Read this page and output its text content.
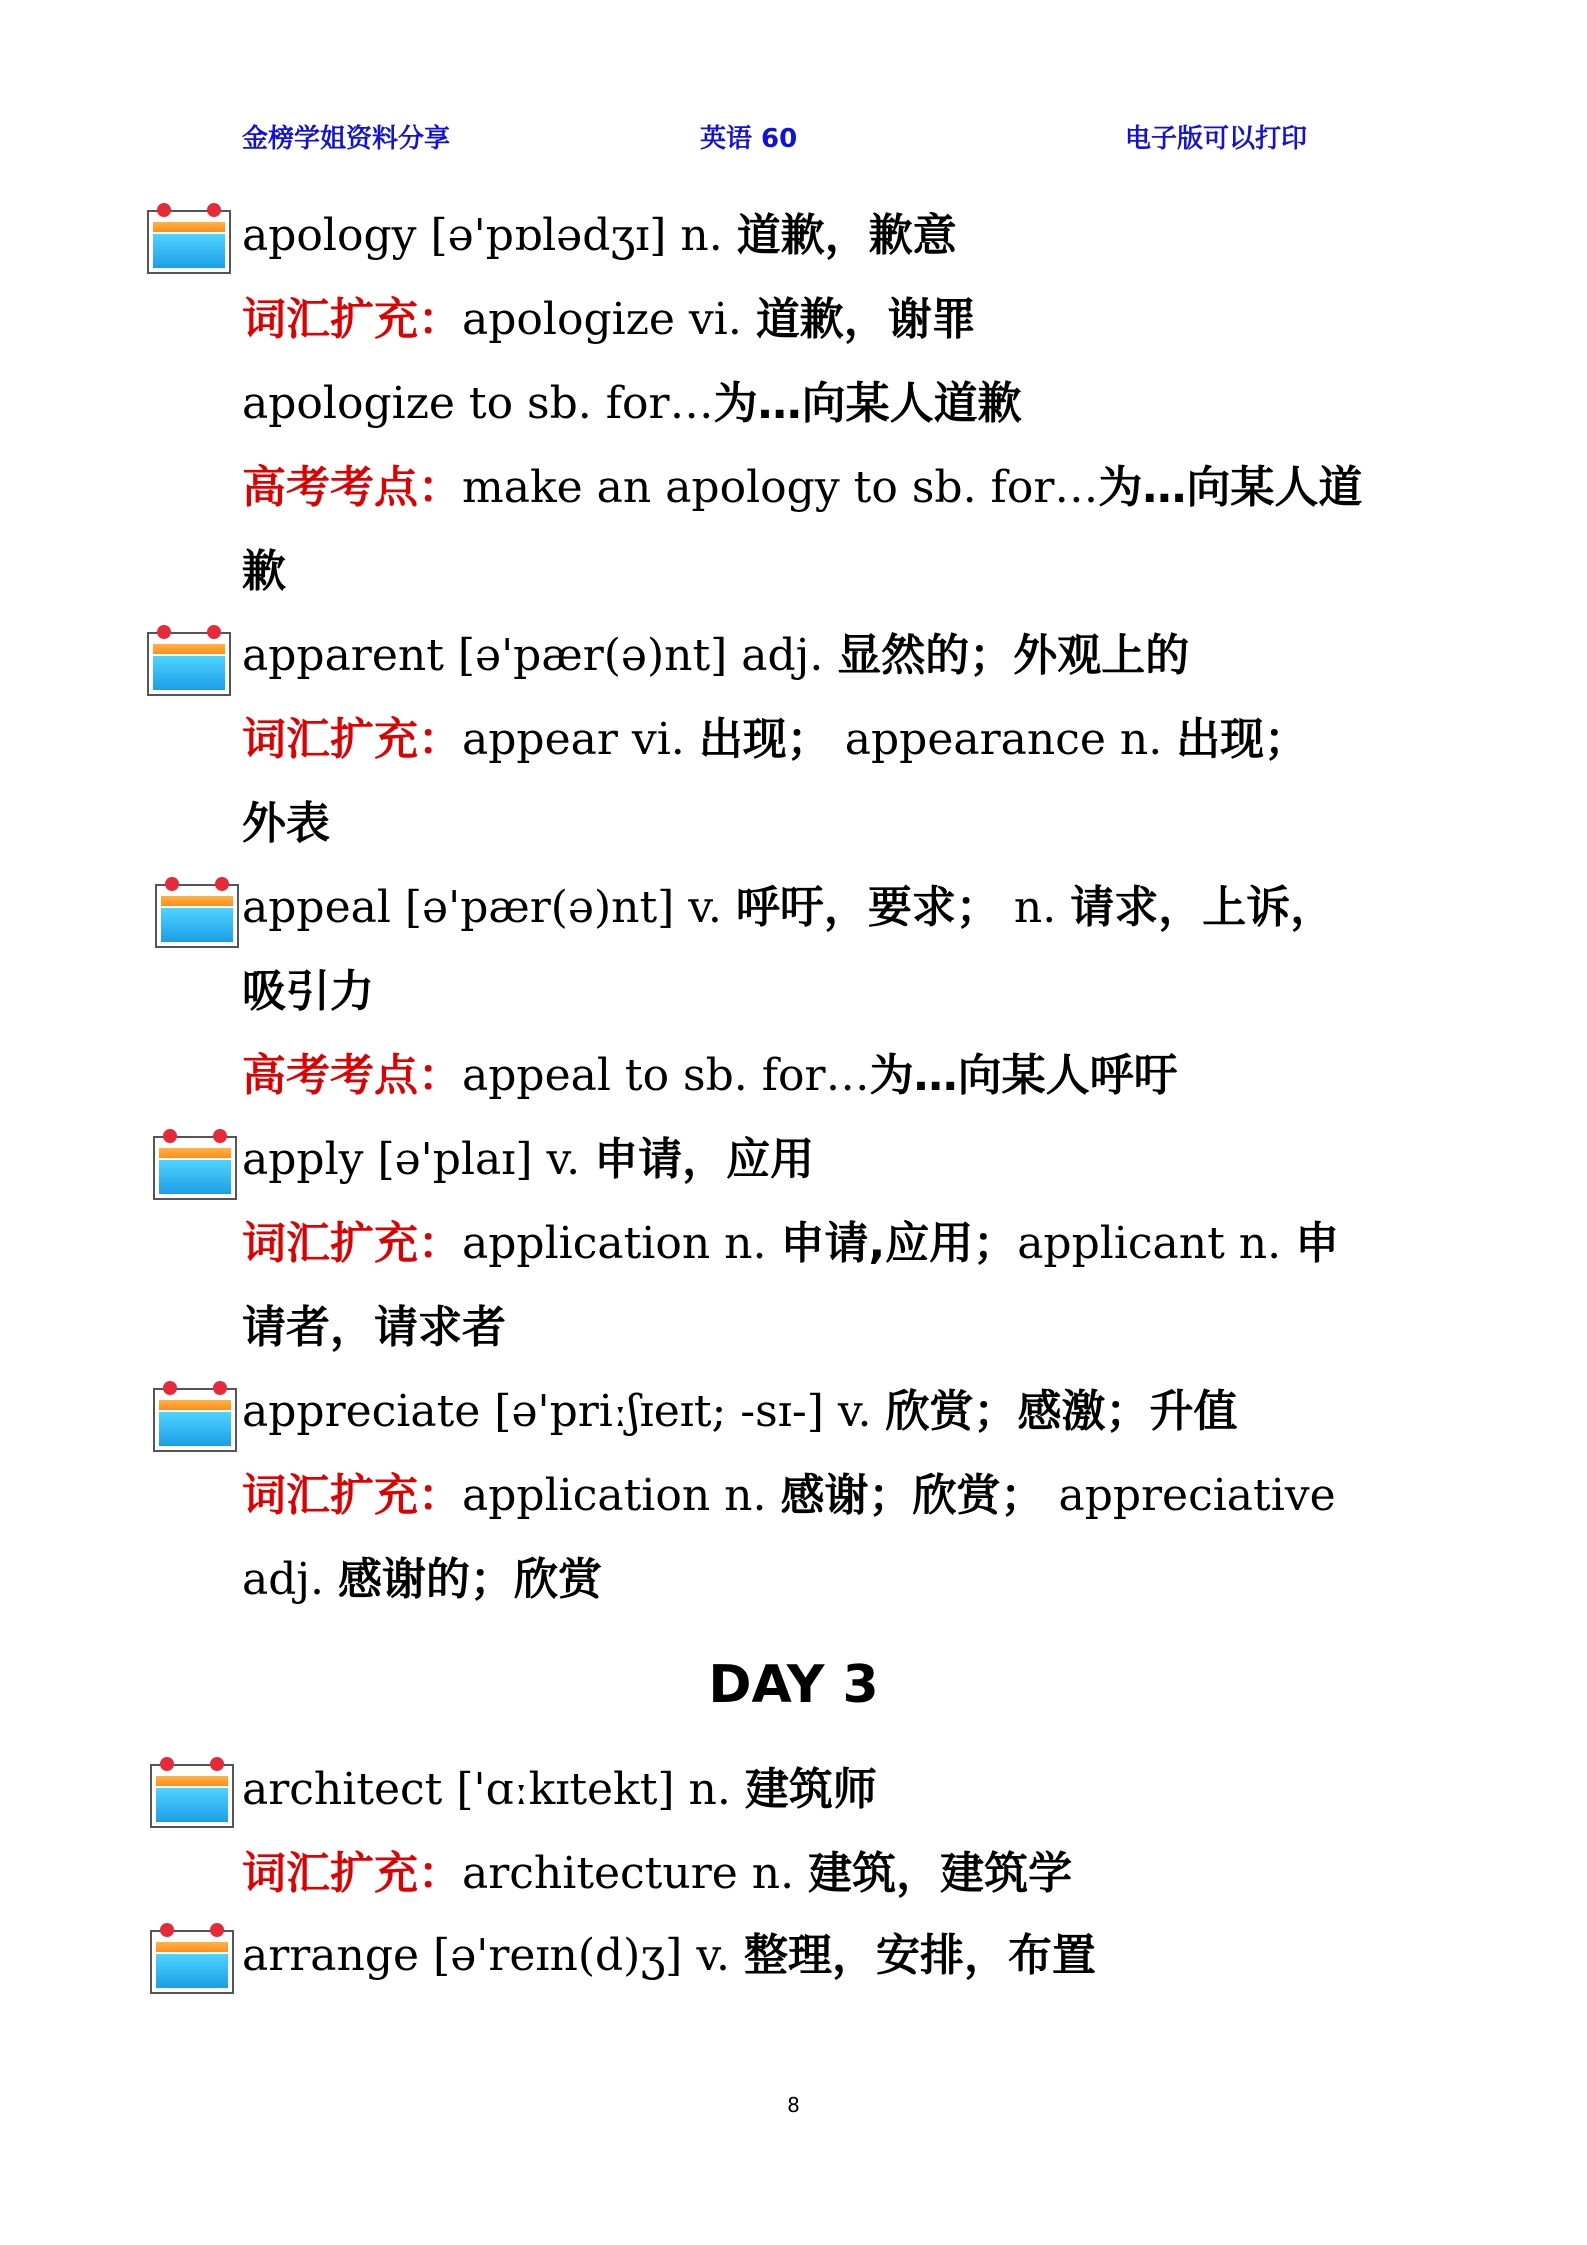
金榜学姐资料分享	英语 60	电子版可以打印
apology [ə'pɒlədʒɪ] n. 道歉，歉意
词汇扩充：apologize vi. 道歉，谢罪
apologize to sb. for…为…向某人道歉
高考考点：make an apology to sb. for…为…向某人道
歉
apparent [ə'pær(ə)nt] adj. 显然的；外观上的
词汇扩充：appear vi. 出现； appearance n. 出现；
外表
appeal [ə'pær(ə)nt] v. 呼吁，要求； n. 请求，上诉，
吸引力
高考考点：appeal to sb. for…为…向某人呼吁
apply [ə'plaɪ] v. 申请，应用
词汇扩充：application n. 申请,应用；applicant n. 申
请者，请求者
appreciate [ə'priːʃɪeɪt; -sɪ-] v. 欣赏；感激；升值
词汇扩充：application n. 感谢；欣赏； appreciative
adj. 感谢的；欣赏
DAY 3
architect ['ɑːkɪtekt] n. 建筑师
词汇扩充：architecture n. 建筑，建筑学
arrange [ə'reɪn(d)ʒ] v. 整理，安排，布置
8
